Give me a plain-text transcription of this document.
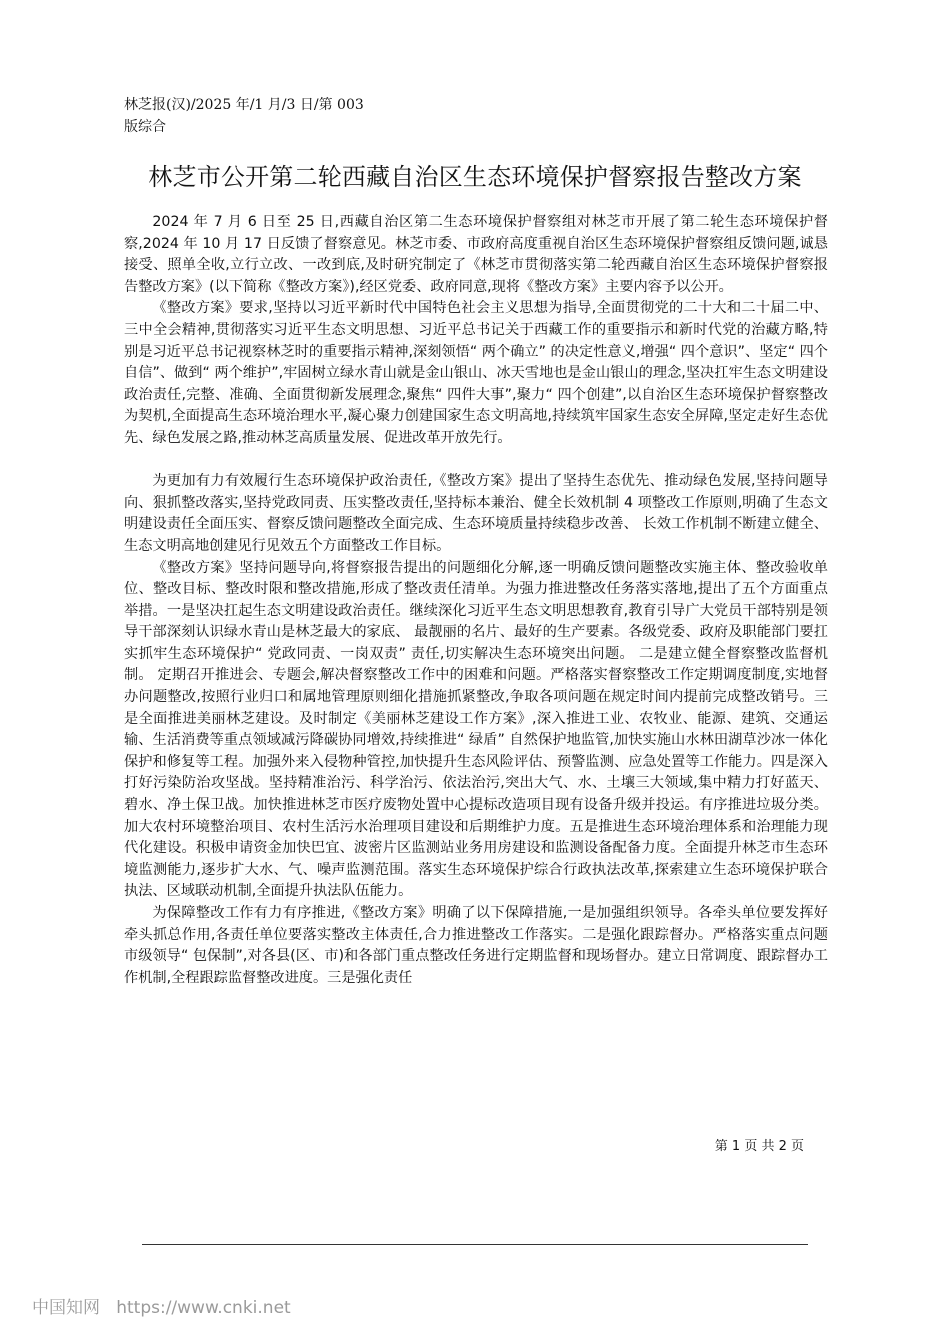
林芝报(汉)/2025 年/1 月/3 日/第 003
版综合
林芝市公开第二轮西藏自治区生态环境保护督察报告整改方案

2024 年 7 月 6 日至 25 日,西藏自治区第二生态环境保护督察组对林芝市开展了第二轮生态环境保护督察,2024 年 10 月 17 日反馈了督察意见。林芝市委、市政府高度重视自治区生态环境保护督察组反馈问题,诚恳接受、照单全收,立行立改、一改到底,及时研究制定了《林芝市贯彻落实第二轮西藏自治区生态环境保护督察报告整改方案》(以下简称《整改方案》),经区党委、政府同意,现将《整改方案》主要内容予以公开。

《整改方案》要求,坚持以习近平新时代中国特色社会主义思想为指导,全面贯彻党的二十大和二十届二中、三中全会精神,贯彻落实习近平生态文明思想、习近平总书记关于西藏工作的重要指示和新时代党的治藏方略,特别是习近平总书记视察林芝时的重要指示精神,深刻领悟“ 两个确立” 的决定性意义,增强“ 四个意识”、坚定“ 四个自信”、做到“ 两个维护”,牢固树立绿水青山就是金山银山、冰天雪地也是金山银山的理念,坚决扛牢生态文明建设政治责任,完整、准确、全面贯彻新发展理念,聚焦“ 四件大事”,聚力“ 四个创建”,以自治区生态环境保护督察整改为契机,全面提高生态环境治理水平,凝心聚力创建国家生态文明高地,持续筑牢国家生态安全屏障,坚定走好生态优先、绿色发展之路,推动林芝高质量发展、促进改革开放先行。

为更加有力有效履行生态环境保护政治责任,《整改方案》提出了坚持生态优先、推动绿色发展,坚持问题导向、狠抓整改落实,坚持党政同责、压实整改责任,坚持标本兼治、健全长效机制 4 项整改工作原则,明确了生态文明建设责任全面压实、督察反馈问题整改全面完成、生态环境质量持续稳步改善、 长效工作机制不断建立健全、 生态文明高地创建见行见效五个方面整改工作目标。

《整改方案》坚持问题导向,将督察报告提出的问题细化分解,逐一明确反馈问题整改实施主体、整改验收单位、整改目标、整改时限和整改措施,形成了整改责任清单。为强力推进整改任务落实落地,提出了五个方面重点举措。一是坚决扛起生态文明建设政治责任。继续深化习近平生态文明思想教育,教育引导广大党员干部特别是领导干部深刻认识绿水青山是林芝最大的家底、 最靓丽的名片、最好的生产要素。各级党委、政府及职能部门要扛实抓牢生态环境保护“ 党政同责、一岗双责” 责任,切实解决生态环境突出问题。 二是建立健全督察整改监督机制。 定期召开推进会、专题会,解决督察整改工作中的困难和问题。严格落实督察整改工作定期调度制度,实地督办问题整改,按照行业归口和属地管理原则细化措施抓紧整改,争取各项问题在规定时间内提前完成整改销号。三是全面推进美丽林芝建设。及时制定《美丽林芝建设工作方案》,深入推进工业、农牧业、能源、建筑、交通运输、生活消费等重点领域减污降碳协同增效,持续推进“ 绿盾” 自然保护地监管,加快实施山水林田湖草沙冰一体化保护和修复等工程。加强外来入侵物种管控,加快提升生态风险评估、预警监测、应急处置等工作能力。四是深入打好污染防治攻坚战。坚持精准治污、科学治污、依法治污,突出大气、水、土壤三大领域,集中精力打好蓝天、碧水、净土保卫战。加快推进林芝市医疗废物处置中心提标改造项目现有设备升级并投运。有序推进垃圾分类。加大农村环境整治项目、农村生活污水治理项目建设和后期维护力度。五是推进生态环境治理体系和治理能力现代化建设。积极申请资金加快巴宜、波密片区监测站业务用房建设和监测设备配备力度。全面提升林芝市生态环境监测能力,逐步扩大水、气、噪声监测范围。落实生态环境保护综合行政执法改革,探索建立生态环境保护联合执法、区域联动机制,全面提升执法队伍能力。

为保障整改工作有力有序推进,《整改方案》明确了以下保障措施,一是加强组织领导。各牵头单位要发挥好牵头抓总作用,各责任单位要落实整改主体责任,合力推进整改工作落实。二是强化跟踪督办。严格落实重点问题市级领导“ 包保制”,对各县(区、市)和各部门重点整改任务进行定期监督和现场督办。建立日常调度、跟踪督办工作机制,全程跟踪监督整改进度。三是强化责任

第 1 页 共 2 页
中国知网   https://www.cnki.net
